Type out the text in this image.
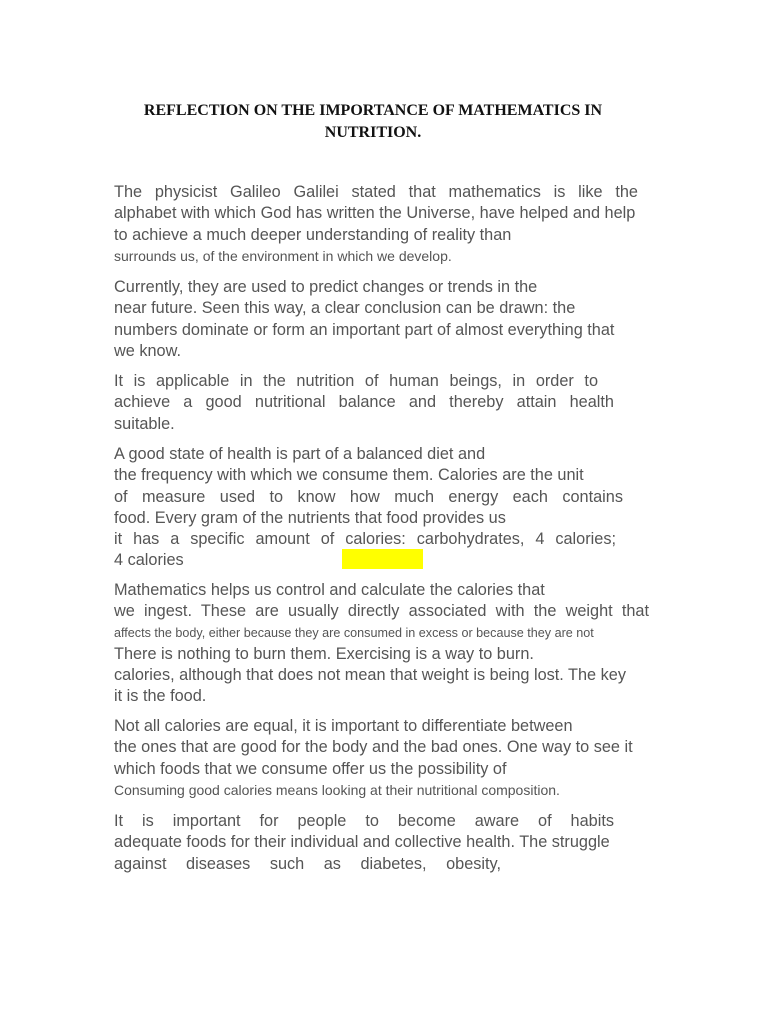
REFLECTION ON THE IMPORTANCE OF MATHEMATICS IN
NUTRITION.

The physicist Galileo Galilei stated that mathematics is like the
alphabet with which God has written the Universe, have helped and help
to achieve a much deeper understanding of reality than
surrounds us, of the environment in which we develop.

Currently, they are used to predict changes or trends in the
near future. Seen this way, a clear conclusion can be drawn: the
numbers dominate or form an important part of almost everything that
we know.

It is applicable in the nutrition of human beings, in order to
achieve a good nutritional balance and thereby attain health
suitable.

A good state of health is part of a balanced diet and
the frequency with which we consume them. Calories are the unit
of measure used to know how much energy each contains
food. Every gram of the nutrients that food provides us
it has a specific amount of calories: carbohydrates, 4 calories;
4 calories

Mathematics helps us control and calculate the calories that
we ingest. These are usually directly associated with the weight that
affects the body, either because they are consumed in excess or because they are not
There is nothing to burn them. Exercising is a way to burn.
calories, although that does not mean that weight is being lost. The key
it is the food.

Not all calories are equal, it is important to differentiate between
the ones that are good for the body and the bad ones. One way to see it
which foods that we consume offer us the possibility of
Consuming good calories means looking at their nutritional composition.

It is important for people to become aware of habits
adequate foods for their individual and collective health. The struggle
against diseases such as diabetes, obesity,
